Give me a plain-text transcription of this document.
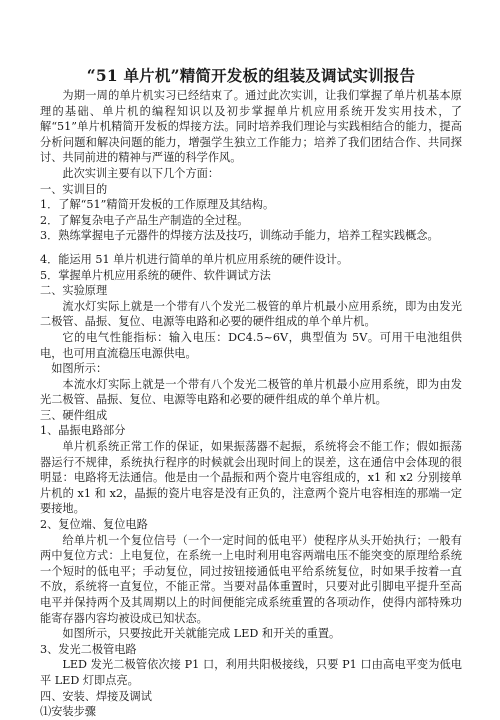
“51 单片机”精简开发板的组装及调试实训报告

为期一周的单片机实习已经结束了。通过此次实训，让我们掌握了单片机基本原理的基础、单片机的编程知识以及初步掌握单片机应用系统开发实用技术，了解“51”单片机精简开发板的焊接方法。同时培养我们理论与实践相结合的能力，提高分析问题和解决问题的能力，增强学生独立工作能力；培养了我们团结合作、共同探讨、共同前进的精神与严谨的科学作风。

此次实训主要有以下几个方面：

一、实训目的

1．了解“51”精简开发板的工作原理及其结构。

2．了解复杂电子产品生产制造的全过程。

3．熟练掌握电子元器件的焊接方法及技巧，训练动手能力，培养工程实践概念。

4．能运用 51 单片机进行简单的单片机应用系统的硬件设计。

5．掌握单片机应用系统的硬件、软件调试方法

二、实验原理

流水灯实际上就是一个带有八个发光二极管的单片机最小应用系统，即为由发光二极管、晶振、复位、电源等电路和必要的硬件组成的单个单片机。

它的电气性能指标：输入电压：DC4.5~6V，典型值为 5V。可用干电池组供电，也可用直流稳压电源供电。

如图所示：

本流水灯实际上就是一个带有八个发光二极管的单片机最小应用系统，即为由发光二极管、晶振、复位、电源等电路和必要的硬件组成的单个单片机。

三、硬件组成

1、晶振电路部分

单片机系统正常工作的保证，如果振荡器不起振，系统将会不能工作；假如振荡器运行不规律，系统执行程序的时候就会出现时间上的误差，这在通信中会体现的很明显：电路将无法通信。他是由一个晶振和两个瓷片电容组成的，x1 和 x2 分别接单片机的 x1 和 x2，晶振的瓷片电容是没有正负的，注意两个瓷片电容相连的那端一定要接地。

2、复位端、复位电路

给单片机一个复位信号（一个一定时间的低电平）使程序从头开始执行；一般有两中复位方式：上电复位，在系统一上电时利用电容两端电压不能突变的原理给系统一个短时的低电平；手动复位，同过按钮接通低电平给系统复位，时如果手按着一直不放，系统将一直复位，不能正常。当要对晶体重置时，只要对此引脚电平提升至高电平并保持两个及其周期以上的时间便能完成系统重置的各项动作，使得内部特殊功能寄存器内容均被设成已知状态。

如图所示，只要按此开关就能完成 LED 和开关的重置。

3、发光二极管电路

LED 发光二极管依次接 P1 口，利用共阳极接线，只要 P1 口由高电平变为低电平 LED 灯即点亮。

四、安装、焊接及调试

⑴安装步骤
